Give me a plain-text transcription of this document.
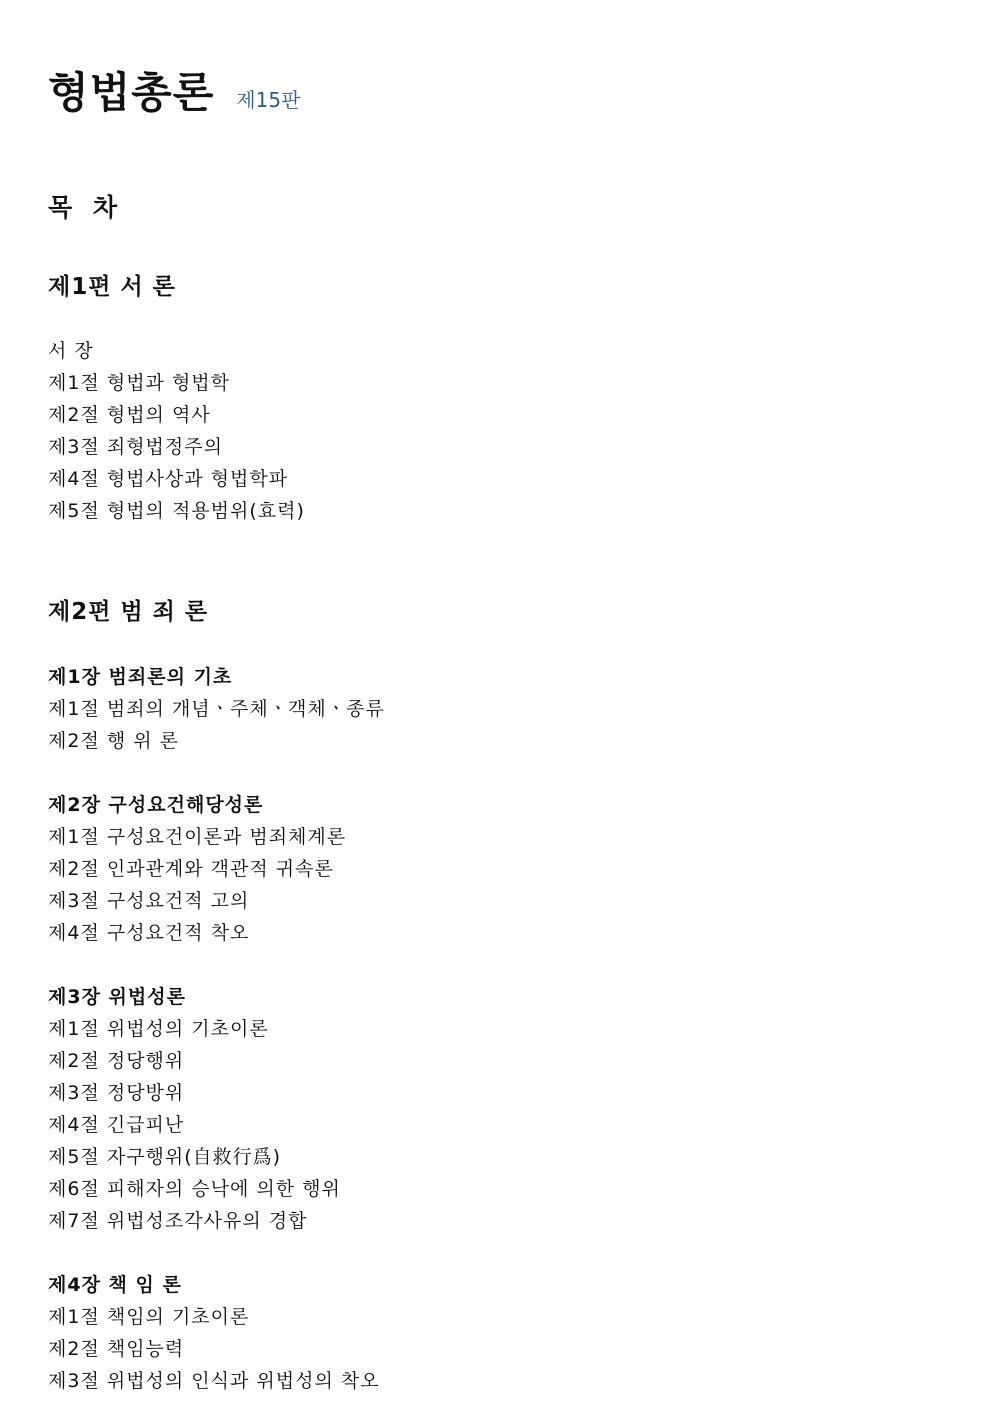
형법총론 제15판
목 차
제1편 서 론
서 장
제1절 형법과 형법학
제2절 형법의 역사
제3절 죄형법정주의
제4절 형법사상과 형법학파
제5절 형법의 적용범위(효력)
제2편 범 죄 론
제1장 범죄론의 기초
제1절 범죄의 개념ㆍ주체ㆍ객체ㆍ종류
제2절 행 위 론
제2장 구성요건해당성론
제1절 구성요건이론과 범죄체계론
제2절 인과관계와 객관적 귀속론
제3절 구성요건적 고의
제4절 구성요건적 착오
제3장 위법성론
제1절 위법성의 기초이론
제2절 정당행위
제3절 정당방위
제4절 긴급피난
제5절 자구행위(自救行爲)
제6절 피해자의 승낙에 의한 행위
제7절 위법성조각사유의 경합
제4장 책 임 론
제1절 책임의 기초이론
제2절 책임능력
제3절 위법성의 인식과 위법성의 착오
